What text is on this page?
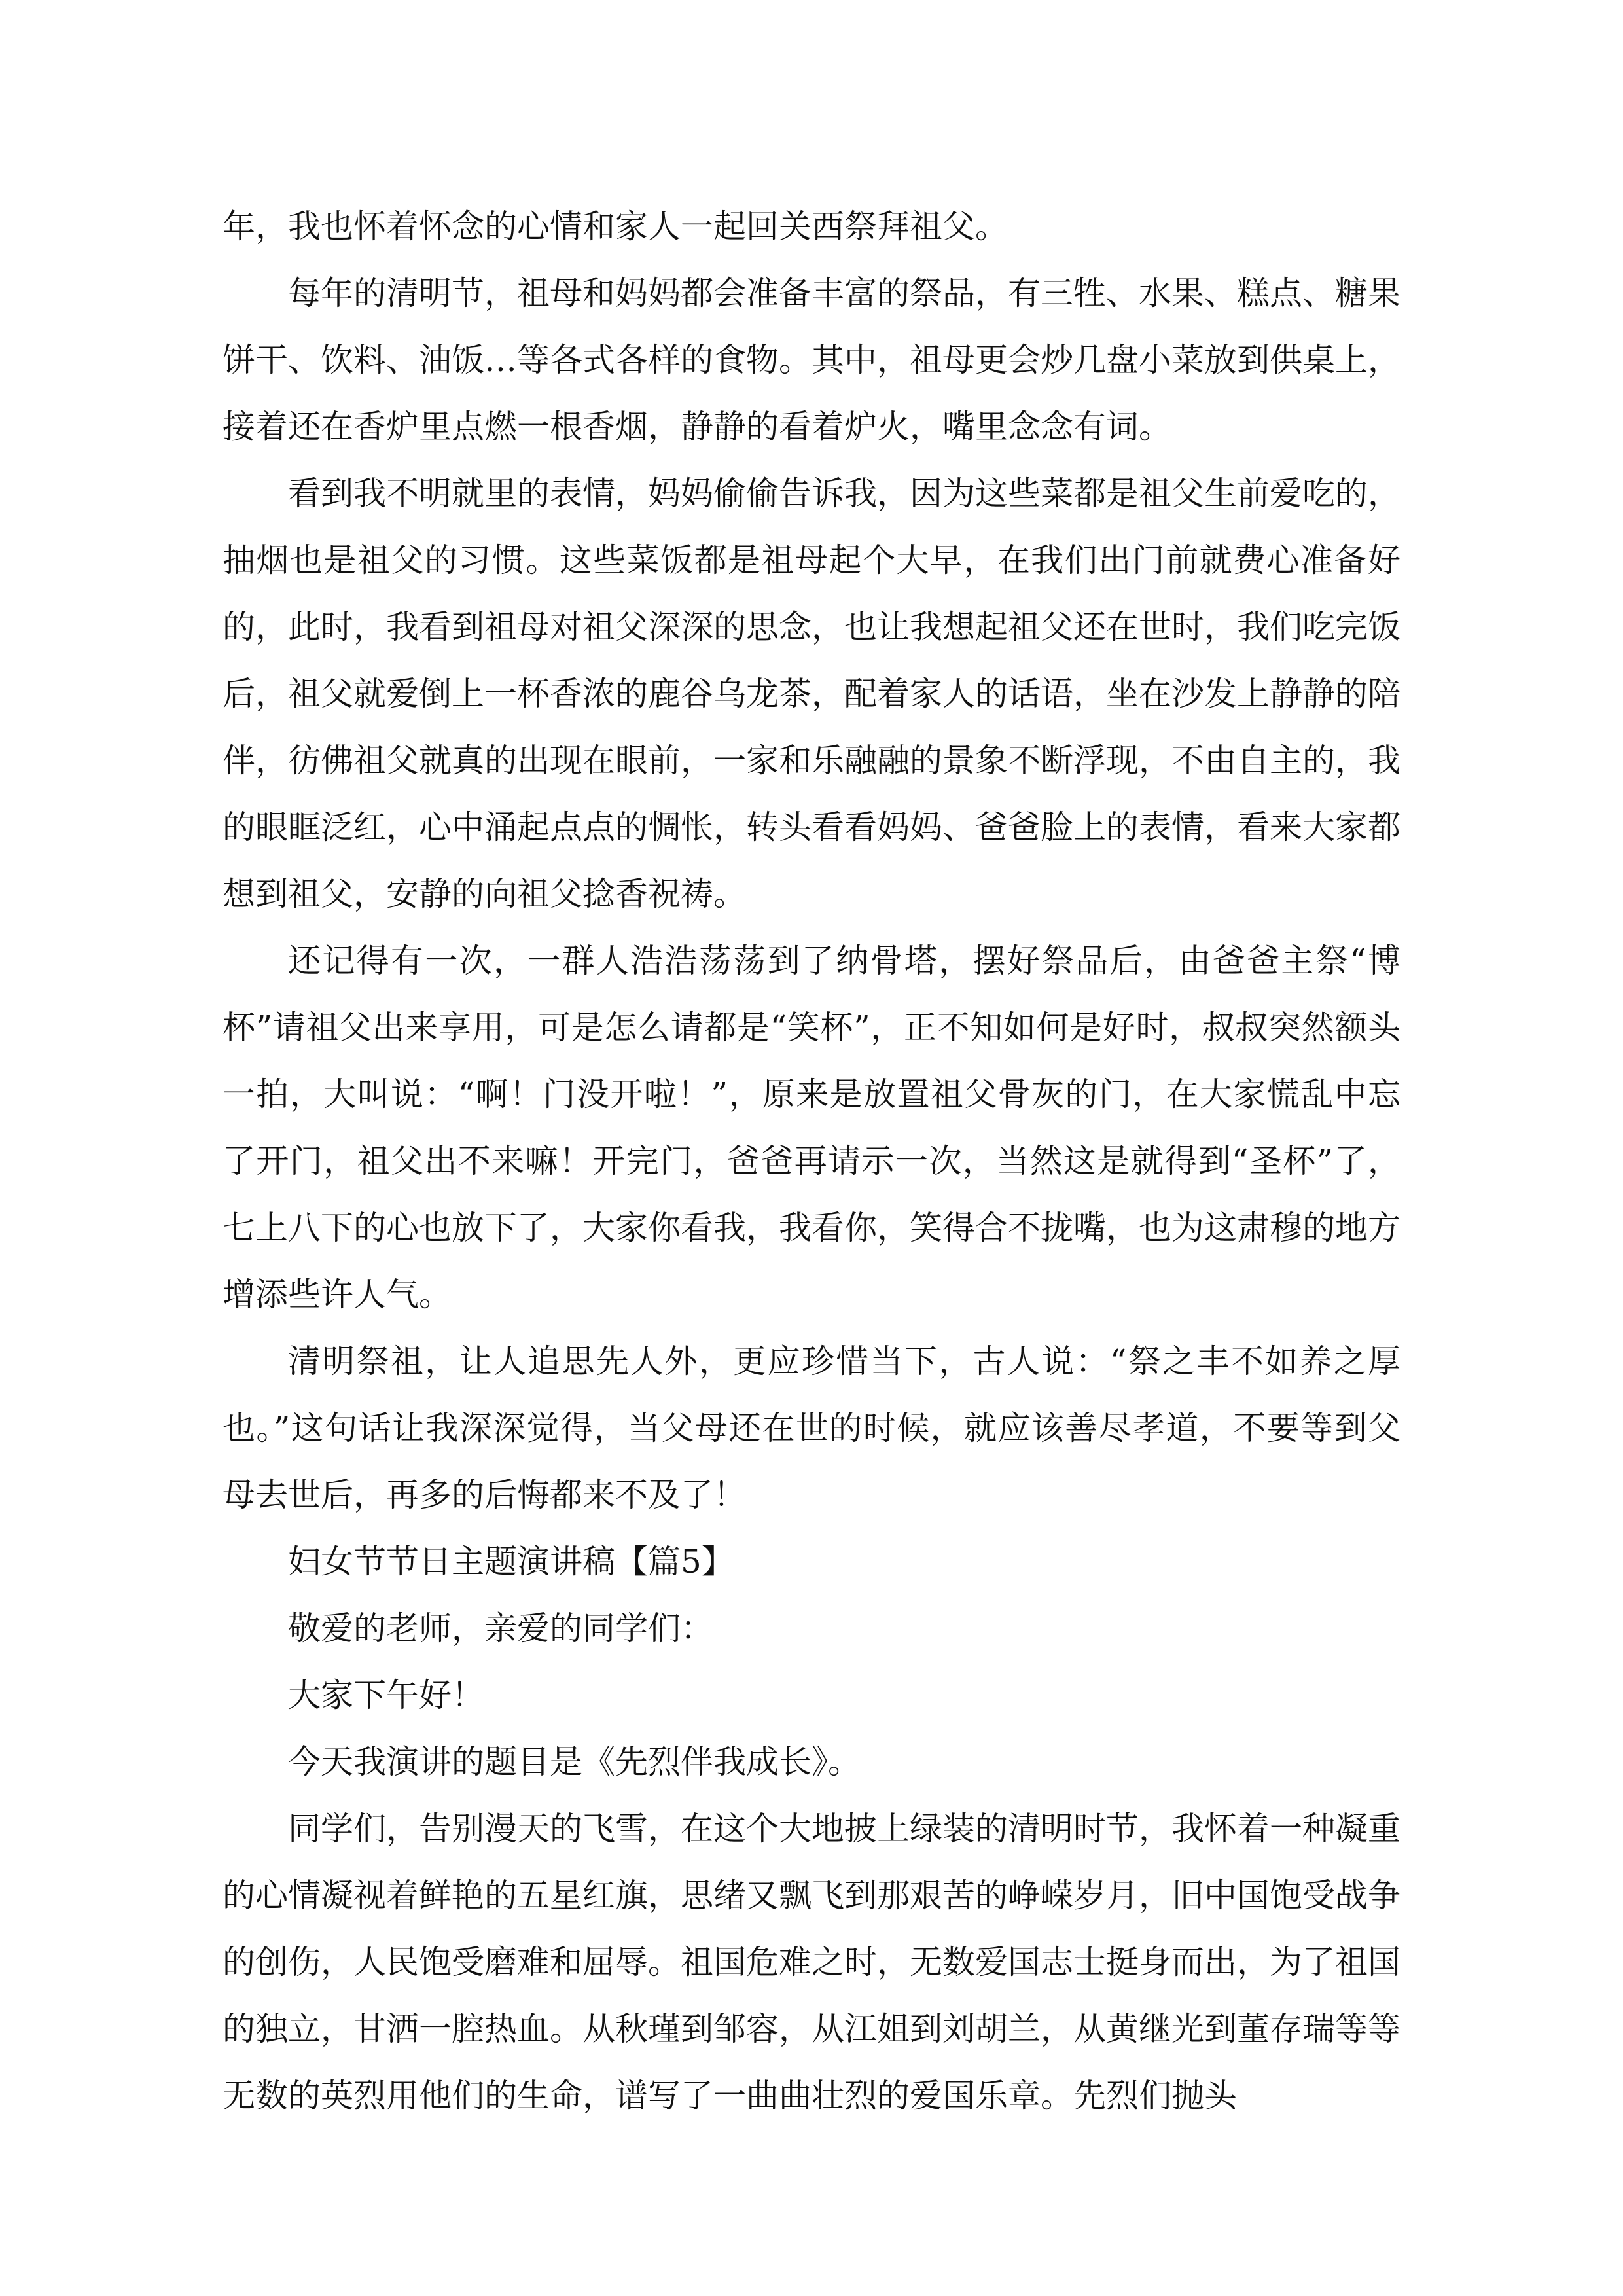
年，我也怀着怀念的心情和家人一起回关西祭拜祖父。

每年的清明节，祖母和妈妈都会准备丰富的祭品，有三牲、水果、糕点、糖果饼干、饮料、油饭…等各式各样的食物。其中，祖母更会炒几盘小菜放到供桌上，接着还在香炉里点燃一根香烟，静静的看着炉火，嘴里念念有词。

看到我不明就里的表情，妈妈偷偷告诉我，因为这些菜都是祖父生前爱吃的，抽烟也是祖父的习惯。这些菜饭都是祖母起个大早，在我们出门前就费心准备好的，此时，我看到祖母对祖父深深的思念，也让我想起祖父还在世时，我们吃完饭后，祖父就爱倒上一杯香浓的鹿谷乌龙茶，配着家人的话语，坐在沙发上静静的陪伴，彷佛祖父就真的出现在眼前，一家和乐融融的景象不断浮现，不由自主的，我的眼眶泛红，心中涌起点点的惆怅，转头看看妈妈、爸爸脸上的表情，看来大家都想到祖父，安静的向祖父捻香祝祷。

还记得有一次，一群人浩浩荡荡到了纳骨塔，摆好祭品后，由爸爸主祭“博杯”请祖父出来享用，可是怎么请都是“笑杯”，正不知如何是好时，叔叔突然额头一拍，大叫说：“啊！门没开啦！”，原来是放置祖父骨灰的门，在大家慌乱中忘了开门，祖父出不来嘛！开完门，爸爸再请示一次，当然这是就得到“圣杯”了，七上八下的心也放下了，大家你看我，我看你，笑得合不拢嘴，也为这肃穆的地方增添些许人气。

清明祭祖，让人追思先人外，更应珍惜当下，古人说：“祭之丰不如养之厚也。”这句话让我深深觉得，当父母还在世的时候，就应该善尽孝道，不要等到父母去世后，再多的后悔都来不及了！

妇女节节日主题演讲稿【篇5】

敬爱的老师，亲爱的同学们：

大家下午好！

今天我演讲的题目是《先烈伴我成长》。

同学们，告别漫天的飞雪，在这个大地披上绿装的清明时节，我怀着一种凝重的心情凝视着鲜艳的五星红旗，思绪又飘飞到那艰苦的峥嵘岁月，旧中国饱受战争的创伤，人民饱受磨难和屈辱。祖国危难之时，无数爱国志士挺身而出，为了祖国的独立，甘洒一腔热血。从秋瑾到邹容，从江姐到刘胡兰，从黄继光到董存瑞等等无数的英烈用他们的生命，谱写了一曲曲壮烈的爱国乐章。先烈们抛头
